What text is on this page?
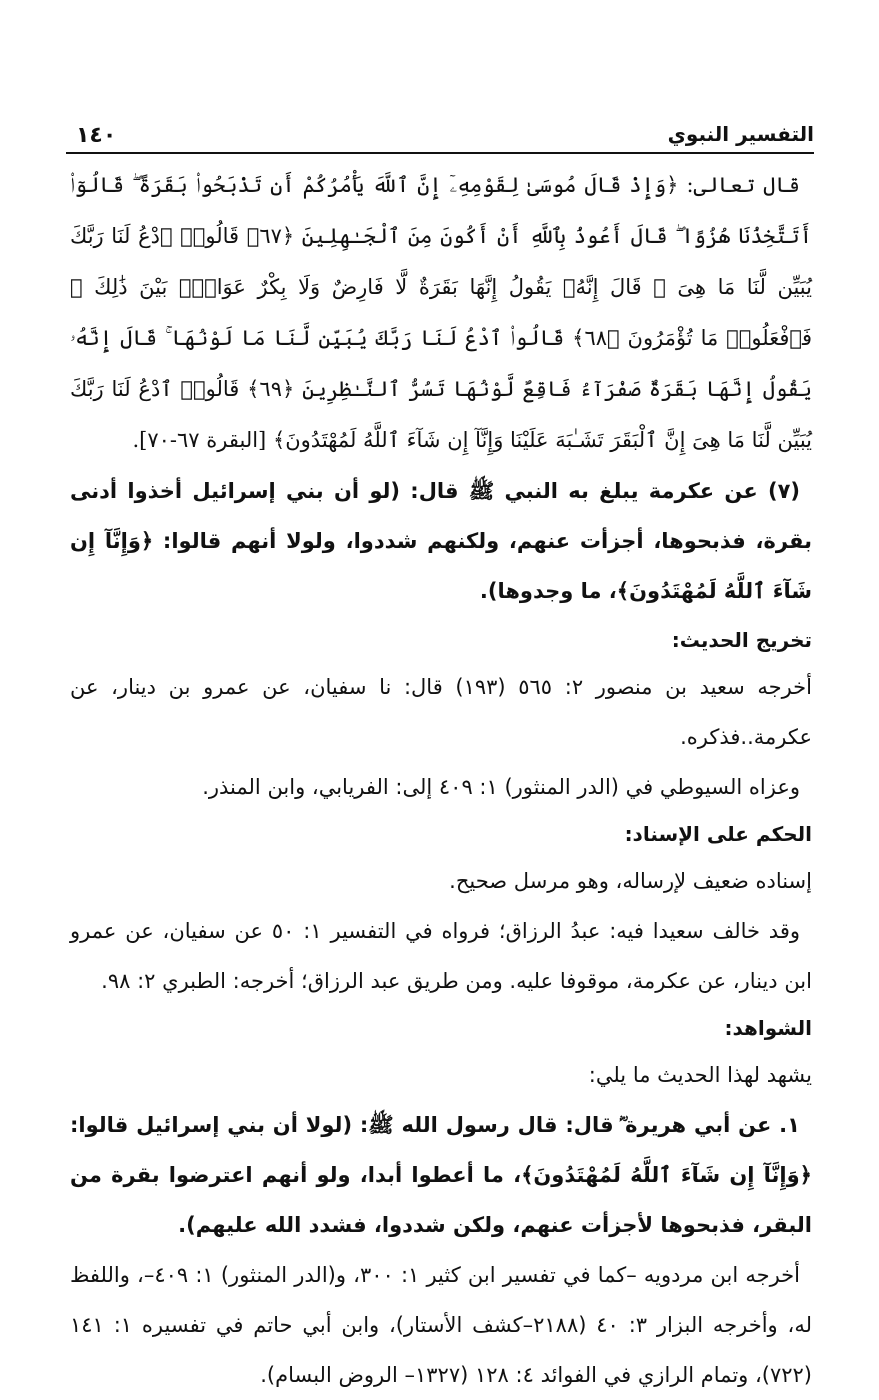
التفسير النبوي
١٤٠

قال تعالى: ﴿وَإِذْ قَالَ مُوسَىٰ لِقَوْمِهِۦٓ إِنَّ ٱللَّهَ يَأْمُرُكُمْ أَن تَذْبَحُوا۟ بَقَرَةً ۖ قَالُوٓا۟ أَتَتَّخِذُنَا هُزُوًا ۖ قَالَ أَعُوذُ بِٱللَّهِ أَنْ أَكُونَ مِنَ ٱلْجَـٰهِلِينَ ﴿٦٧﴾ قَالُوا۟ ٱدْعُ لَنَا رَبَّكَ يُبَيِّن لَّنَا مَا هِىَ ۚ قَالَ إِنَّهُۥ يَقُولُ إِنَّهَا بَقَرَةٌ لَّا فَارِضٌ وَلَا بِكْرٌ عَوَانٌۢ بَيْنَ ذَٰلِكَ ۖ فَٱفْعَلُوا۟ مَا تُؤْمَرُونَ ﴿٦٨﴾ قَالُوا۟ ٱدْعُ لَنَا رَبَّكَ يُبَيِّن لَّنَا مَا لَوْنُهَا ۚ قَالَ إِنَّهُۥ يَقُولُ إِنَّهَا بَقَرَةٌ صَفْرَآءُ فَاقِعٌ لَّوْنُهَا تَسُرُّ ٱلنَّـٰظِرِينَ ﴿٦٩﴾ قَالُوا۟ ٱدْعُ لَنَا رَبَّكَ يُبَيِّن لَّنَا مَا هِىَ إِنَّ ٱلْبَقَرَ تَشَـٰبَهَ عَلَيْنَا وَإِنَّآ إِن شَآءَ ٱللَّهُ لَمُهْتَدُونَ﴾ [البقرة ٦٧-٧٠].

(٧) عن عكرمة يبلغ به النبي ﷺ قال: (لو أن بني إسرائيل أخذوا أدنى بقرة، فذبحوها، أجزأت عنهم، ولكنهم شددوا، ولولا أنهم قالوا: ﴿وَإِنَّآ إِن شَآءَ ٱللَّهُ لَمُهْتَدُونَ﴾، ما وجدوها).

تخريج الحديث:

أخرجه سعيد بن منصور ٢: ٥٦٥ (١٩٣) قال: نا سفيان، عن عمرو بن دينار، عن عكرمة..فذكره.

وعزاه السيوطي في (الدر المنثور) ١: ٤٠٩ إلى: الفريابي، وابن المنذر.

الحكم على الإسناد:

إسناده ضعيف لإرساله، وهو مرسل صحيح.

وقد خالف سعيدا فيه: عبدُ الرزاق؛ فرواه في التفسير ١: ٥٠ عن سفيان، عن عمرو ابن دينار، عن عكرمة، موقوفا عليه. ومن طريق عبد الرزاق؛ أخرجه: الطبري ٢: ٩٨.

الشواهد:

يشهد لهذا الحديث ما يلي:

١. عن أبي هريرة ؓ قال: قال رسول الله ﷺ: (لولا أن بني إسرائيل قالوا: ﴿وَإِنَّآ إِن شَآءَ ٱللَّهُ لَمُهْتَدُونَ﴾، ما أعطوا أبدا، ولو أنهم اعترضوا بقرة من البقر، فذبحوها لأجزأت عنهم، ولكن شددوا، فشدد الله عليهم).

أخرجه ابن مردويه –كما في تفسير ابن كثير ١: ٣٠٠، و(الدر المنثور) ١: ٤٠٩–، واللفظ له، وأخرجه البزار ٣: ٤٠ (٢١٨٨–كشف الأستار)، وابن أبي حاتم في تفسيره ١: ١٤١ (٧٢٢)، وتمام الرازي في الفوائد ٤: ١٢٨ (١٣٢٧– الروض البسام).
